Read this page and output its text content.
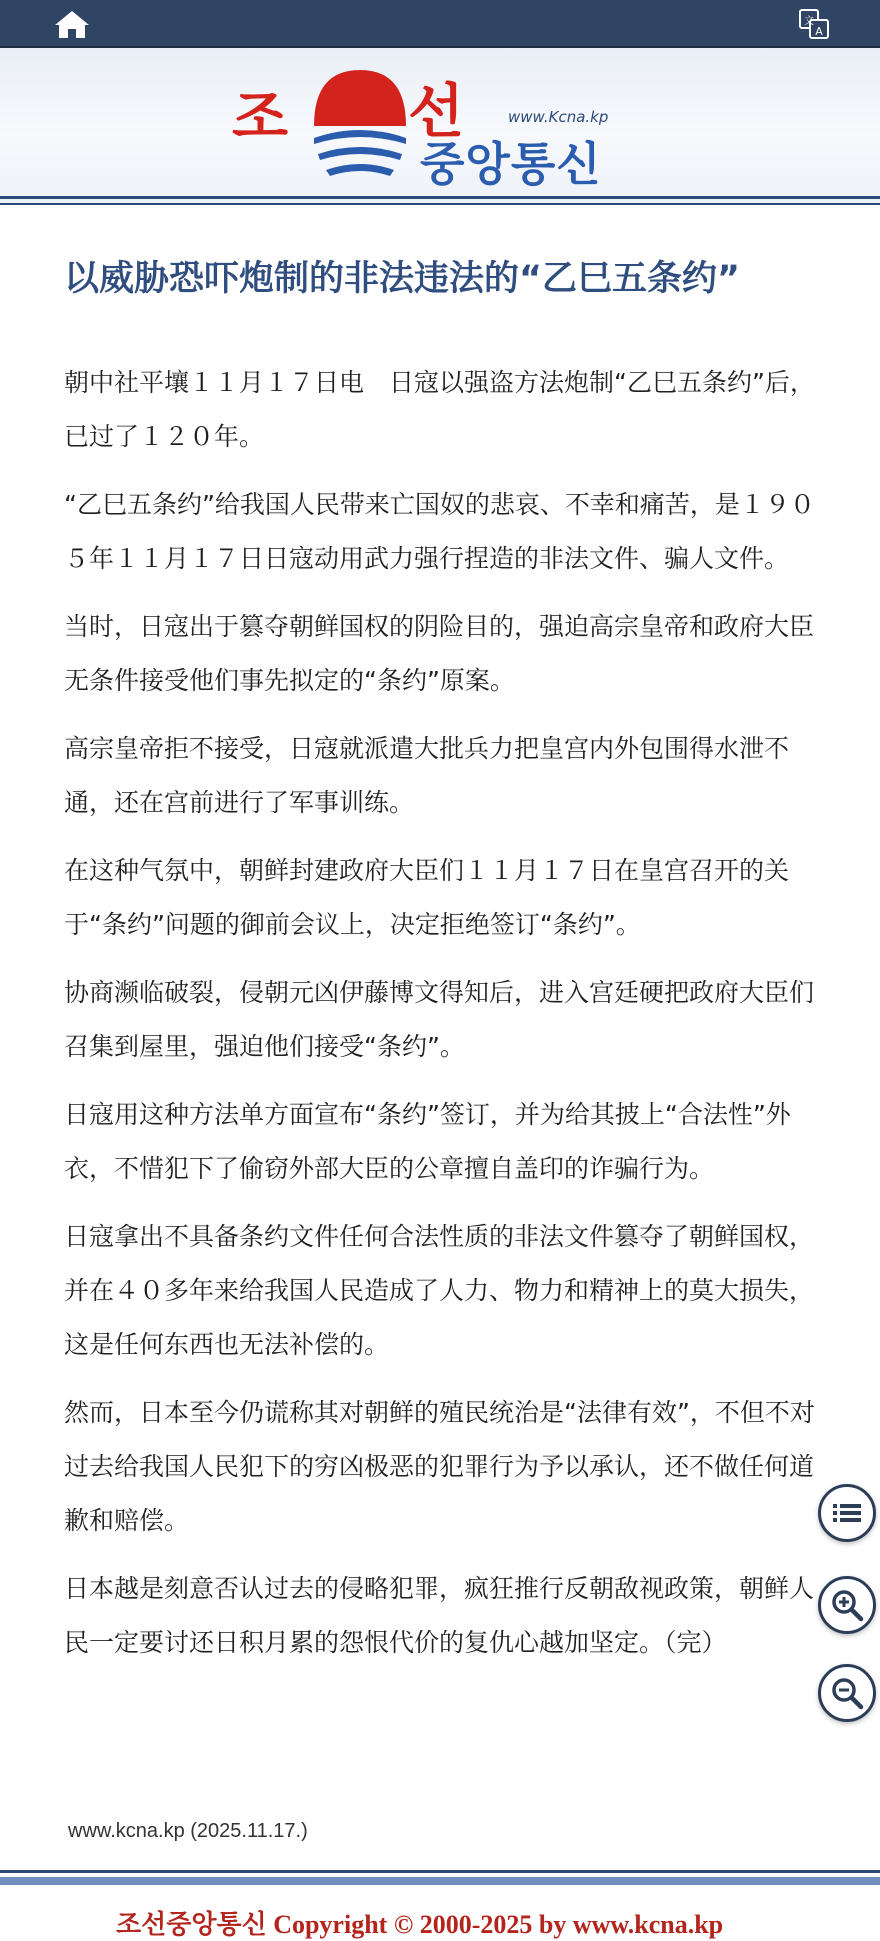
文
A
조 선	www.Kcna.kp
중앙통신
以威胁恐吓炮制的非法违法的“乙巳五条约”

朝中社平壤１１月１７日电　日寇以强盗方法炮制“乙巳五条约”后，已过了１２０年。

“乙巳五条约”给我国人民带来亡国奴的悲哀、不幸和痛苦，是１９０５年１１月１７日日寇动用武力强行捏造的非法文件、骗人文件。

当时，日寇出于篡夺朝鲜国权的阴险目的，强迫高宗皇帝和政府大臣无条件接受他们事先拟定的“条约”原案。

高宗皇帝拒不接受，日寇就派遣大批兵力把皇宫内外包围得水泄不通，还在宫前进行了军事训练。

在这种气氛中，朝鲜封建政府大臣们１１月１７日在皇宫召开的关于“条约”问题的御前会议上，决定拒绝签订“条约”。

协商濒临破裂，侵朝元凶伊藤博文得知后，进入宫廷硬把政府大臣们召集到屋里，强迫他们接受“条约”。

日寇用这种方法单方面宣布“条约”签订，并为给其披上“合法性”外衣，不惜犯下了偷窃外部大臣的公章擅自盖印的诈骗行为。

日寇拿出不具备条约文件任何合法性质的非法文件篡夺了朝鲜国权，并在４０多年来给我国人民造成了人力、物力和精神上的莫大损失，这是任何东西也无法补偿的。

然而，日本至今仍谎称其对朝鲜的殖民统治是“法律有效”，不但不对过去给我国人民犯下的穷凶极恶的犯罪行为予以承认，还不做任何道歉和赔偿。

日本越是刻意否认过去的侵略犯罪，疯狂推行反朝敌视政策，朝鲜人民一定要讨还日积月累的怨恨代价的复仇心越加坚定。（完）

www.kcna.kp (2025.11.17.)
조선중앙통신 Copyright © 2000-2025 by www.kcna.kp
